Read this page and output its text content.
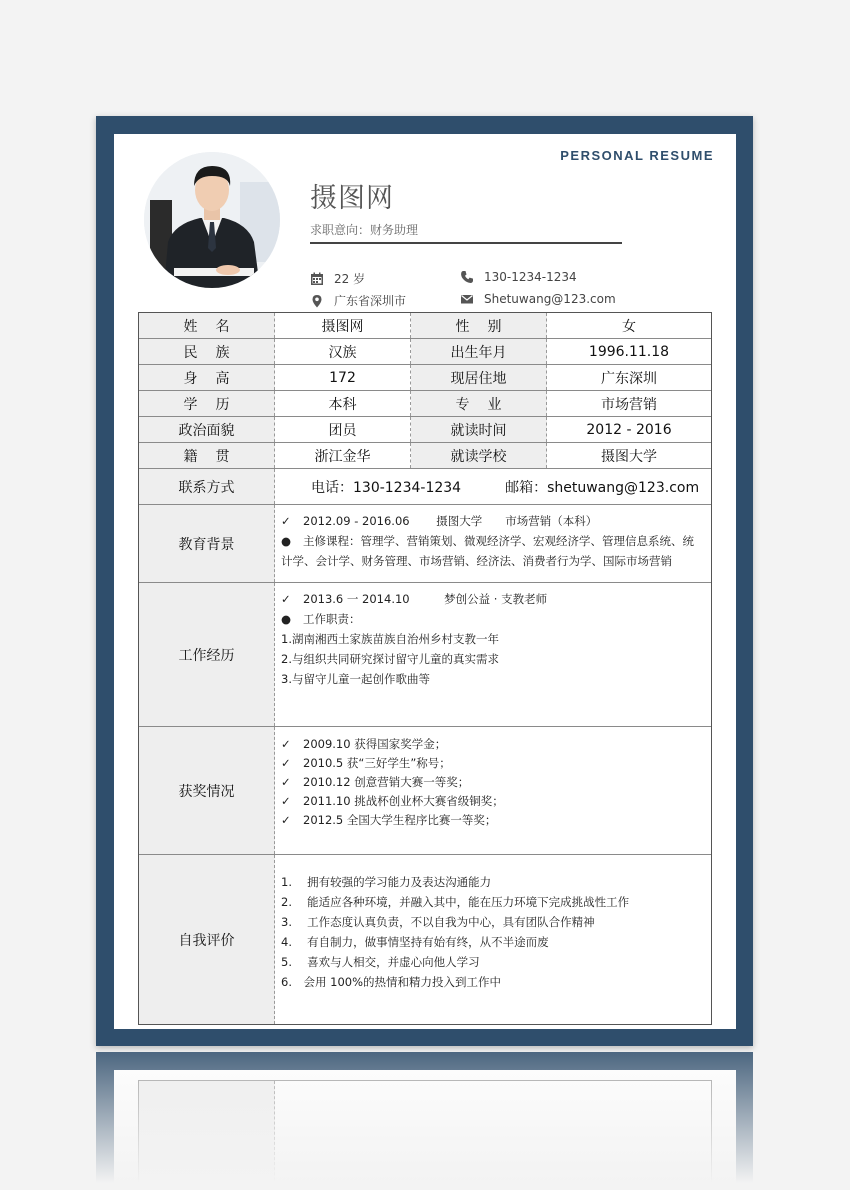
PERSONAL RESUME
摄图网
求职意向：财务助理
22 岁	130-1234-1234
广东省深圳市	Shetuwang@123.com
姓名	摄图网	性别	女
民族	汉族	出生年月	1996.11.18
身高	172	现居住地	广东深圳
学历	本科	专业	市场营销
政治面貌	团员	就读时间	2012 - 2016
籍贯	浙江金华	就读学校	摄图大学
联系方式	电话：130-1234-1234	邮箱：shetuwang@123.com
教育背景
✓ 2012.09 - 2016.06　　 摄图大学　　市场营销（本科）
● 主修课程：管理学、营销策划、微观经济学、宏观经济学、管理信息系统、统
计学、会计学、财务管理、市场营销、经济法、消费者行为学、国际市场营销
工作经历
✓ 2013.6 一 2014.10　　　梦创公益 · 支教老师
● 工作职责：
1.湖南湘西土家族苗族自治州乡村支教一年
2.与组织共同研究探讨留守儿童的真实需求
3.与留守儿童一起创作歌曲等
获奖情况
✓ 2009.10 获得国家奖学金；
✓ 2010.5 获“三好学生”称号；
✓ 2010.12 创意营销大赛一等奖；
✓ 2011.10 挑战杯创业杯大赛省级铜奖；
✓ 2012.5 全国大学生程序比赛一等奖；
自我评价
1.　 拥有较强的学习能力及表达沟通能力
2.　 能适应各种环境，并融入其中，能在压力环境下完成挑战性工作
3.　 工作态度认真负责，不以自我为中心，具有团队合作精神
4.　 有自制力，做事情坚持有始有终，从不半途而废
5.　 喜欢与人相交，并虚心向他人学习
6.　会用 100%的热情和精力投入到工作中
